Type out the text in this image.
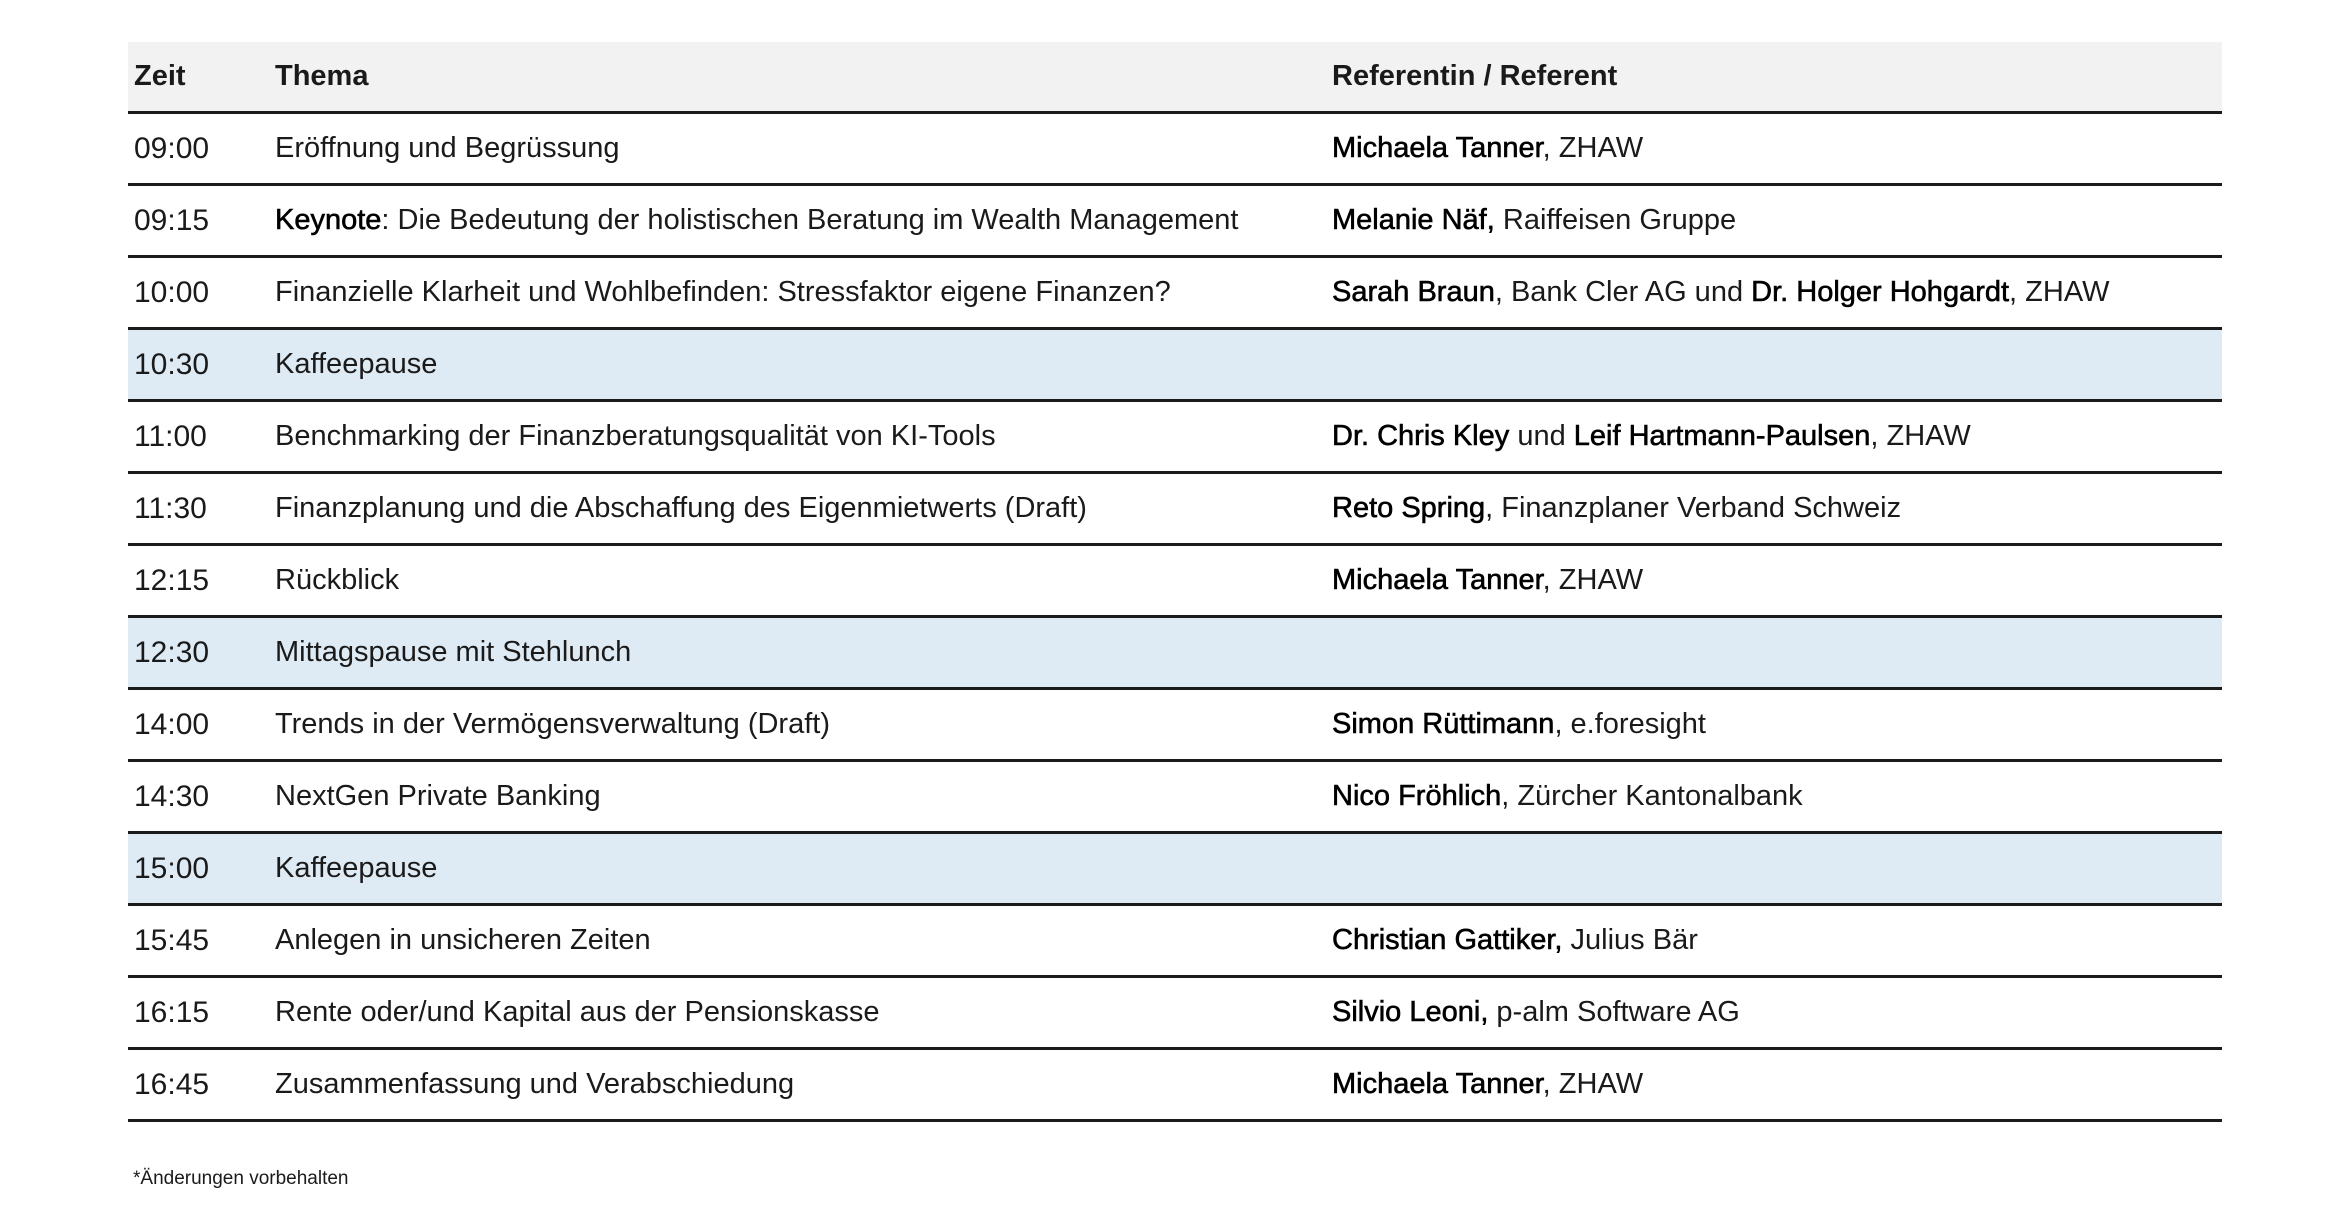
Zeit	Thema	Referentin / Referent
09:00	Eröffnung und Begrüssung	Michaela Tanner, ZHAW
09:15	Keynote: Die Bedeutung der holistischen Beratung im Wealth Management	Melanie Näf, Raiffeisen Gruppe
10:00	Finanzielle Klarheit und Wohlbefinden: Stressfaktor eigene Finanzen?	Sarah Braun, Bank Cler AG und Dr. Holger Hohgardt, ZHAW
10:30	Kaffeepause	
11:00	Benchmarking der Finanzberatungsqualität von KI-Tools	Dr. Chris Kley und Leif Hartmann-Paulsen, ZHAW
11:30	Finanzplanung und die Abschaffung des Eigenmietwerts (Draft)	Reto Spring, Finanzplaner Verband Schweiz
12:15	Rückblick	Michaela Tanner, ZHAW
12:30	Mittagspause mit Stehlunch	
14:00	Trends in der Vermögensverwaltung (Draft)	Simon Rüttimann, e.foresight
14:30	NextGen Private Banking	Nico Fröhlich, Zürcher Kantonalbank
15:00	Kaffeepause	
15:45	Anlegen in unsicheren Zeiten	Christian Gattiker, Julius Bär
16:15	Rente oder/und Kapital aus der Pensionskasse	Silvio Leoni, p-alm Software AG
16:45	Zusammenfassung und Verabschiedung	Michaela Tanner, ZHAW
*Änderungen vorbehalten
